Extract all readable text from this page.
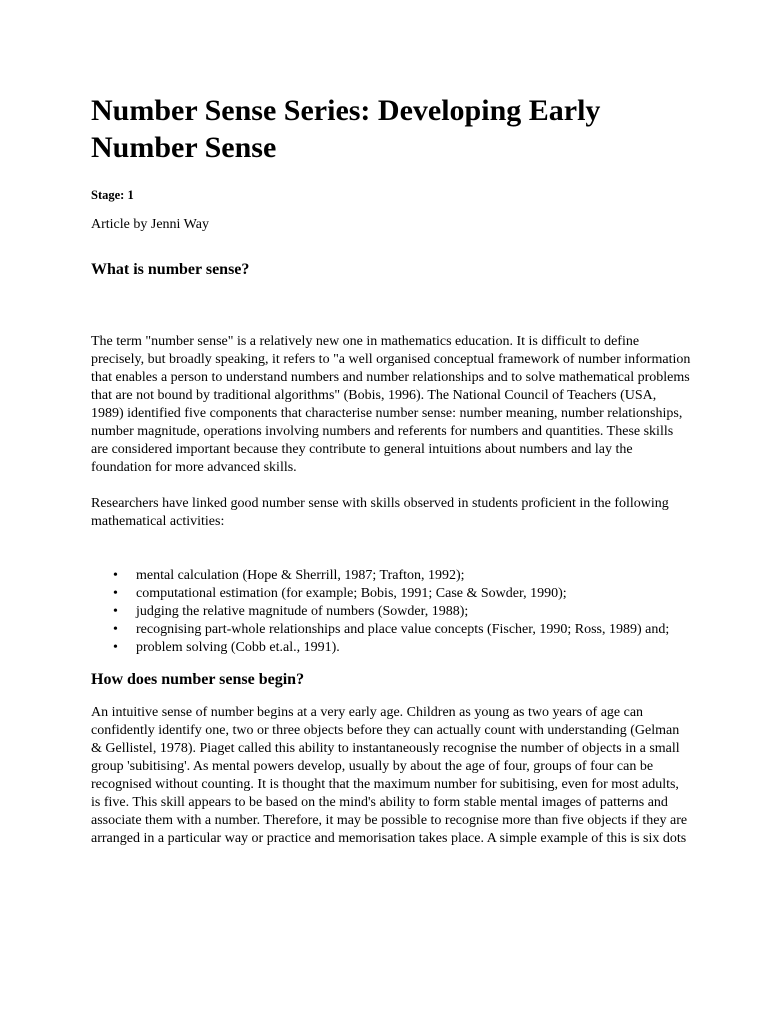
Number Sense Series: Developing Early Number Sense
Stage: 1
Article by Jenni Way
What is number sense?

The term "number sense" is a relatively new one in mathematics education. It is difficult to define precisely, but broadly speaking, it refers to "a well organised conceptual framework of number information that enables a person to understand numbers and number relationships and to solve mathematical problems that are not bound by traditional algorithms" (Bobis, 1996). The National Council of Teachers (USA, 1989) identified five components that characterise number sense: number meaning, number relationships, number magnitude, operations involving numbers and referents for numbers and quantities. These skills are considered important because they contribute to general intuitions about numbers and lay the foundation for more advanced skills.

Researchers have linked good number sense with skills observed in students proficient in the following mathematical activities:

• mental calculation (Hope & Sherrill, 1987; Trafton, 1992);
• computational estimation (for example; Bobis, 1991; Case & Sowder, 1990);
• judging the relative magnitude of numbers (Sowder, 1988);
• recognising part-whole relationships and place value concepts (Fischer, 1990; Ross, 1989) and;
• problem solving (Cobb et.al., 1991).
How does number sense begin?

An intuitive sense of number begins at a very early age. Children as young as two years of age can confidently identify one, two or three objects before they can actually count with understanding (Gelman & Gellistel, 1978). Piaget called this ability to instantaneously recognise the number of objects in a small group 'subitising'. As mental powers develop, usually by about the age of four, groups of four can be recognised without counting. It is thought that the maximum number for subitising, even for most adults, is five. This skill appears to be based on the mind's ability to form stable mental images of patterns and associate them with a number. Therefore, it may be possible to recognise more than five objects if they are arranged in a particular way or practice and memorisation takes place. A simple example of this is six dots
